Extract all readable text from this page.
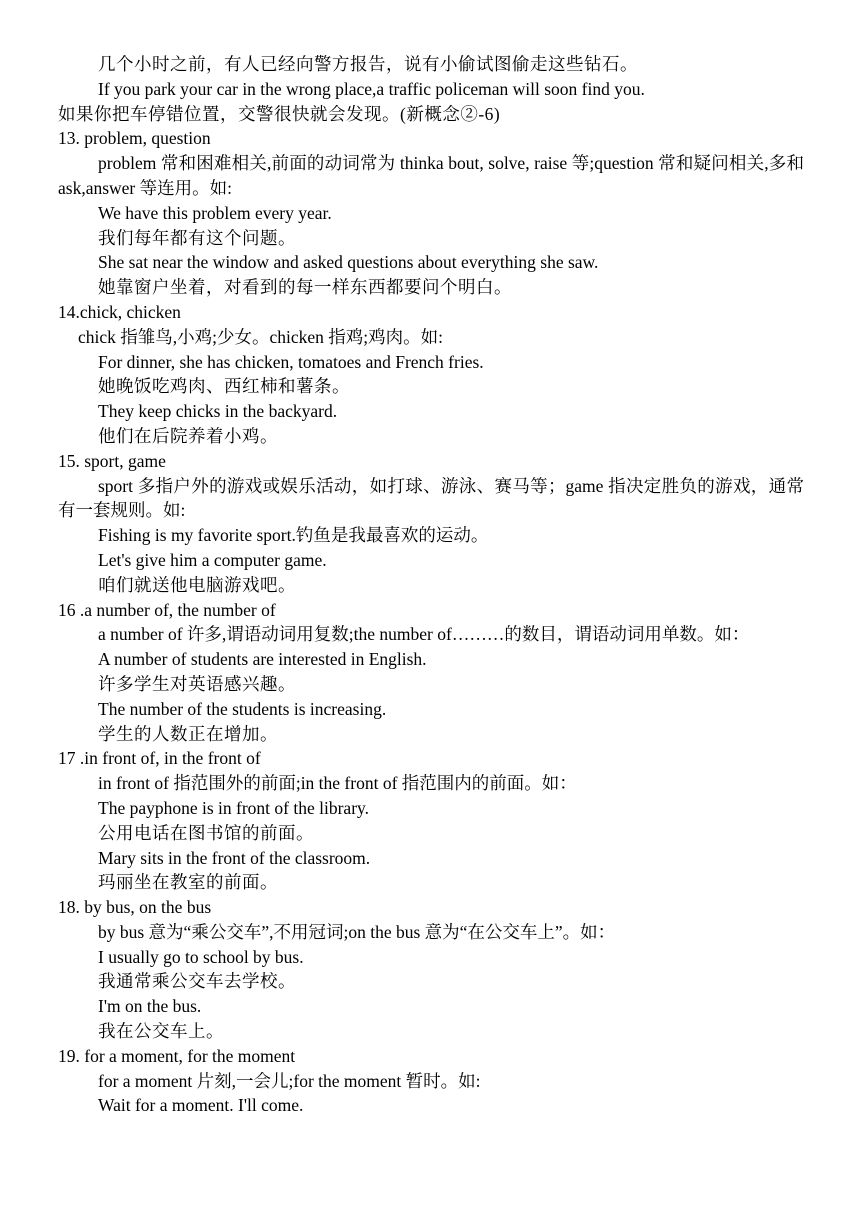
几个小时之前，有人已经向警方报告，说有小偷试图偷走这些钻石。
If you park your car in the wrong place,a traffic policeman will soon find you.
如果你把车停错位置，交警很快就会发现。(新概念②-6)
13. problem, question
problem 常和困难相关,前面的动词常为 thinka bout, solve, raise 等;question 常和疑问相关,多和 ask,answer 等连用。如:
We have this problem every year.
我们每年都有这个问题。
She sat near the window and asked questions about everything she saw.
她靠窗户坐着，对看到的每一样东西都要问个明白。
14.chick, chicken
chick 指雏鸟,小鸡;少女。chicken 指鸡;鸡肉。如:
For dinner, she has chicken, tomatoes and French fries.
她晚饭吃鸡肉、西红柿和薯条。
They keep chicks in the backyard.
他们在后院养着小鸡。
15. sport, game
sport 多指户外的游戏或娱乐活动，如打球、游泳、赛马等；game 指决定胜负的游戏，通常有一套规则。如:
Fishing is my favorite sport.钓鱼是我最喜欢的运动。
Let's give him a computer game.
咱们就送他电脑游戏吧。
16 .a number of, the number of
a number of 许多,谓语动词用复数;the number of………的数目，谓语动词用单数。如：
A number of students are interested in English.
许多学生对英语感兴趣。
The number of the students is increasing.
学生的人数正在增加。
17 .in front of, in the front of
in front of 指范围外的前面;in the front of 指范围内的前面。如：
The payphone is in front of the library.
公用电话在图书馆的前面。
Mary sits in the front of the classroom.
玛丽坐在教室的前面。
18. by bus, on the bus
by bus 意为“乘公交车”,不用冠词;on the bus 意为“在公交车上”。如：
I usually go to school by bus.
我通常乘公交车去学校。
I'm on the bus.
我在公交车上。
19. for a moment, for the moment
for a moment 片刻,一会儿;for the moment 暂时。如:
Wait for a moment. I'll come.
